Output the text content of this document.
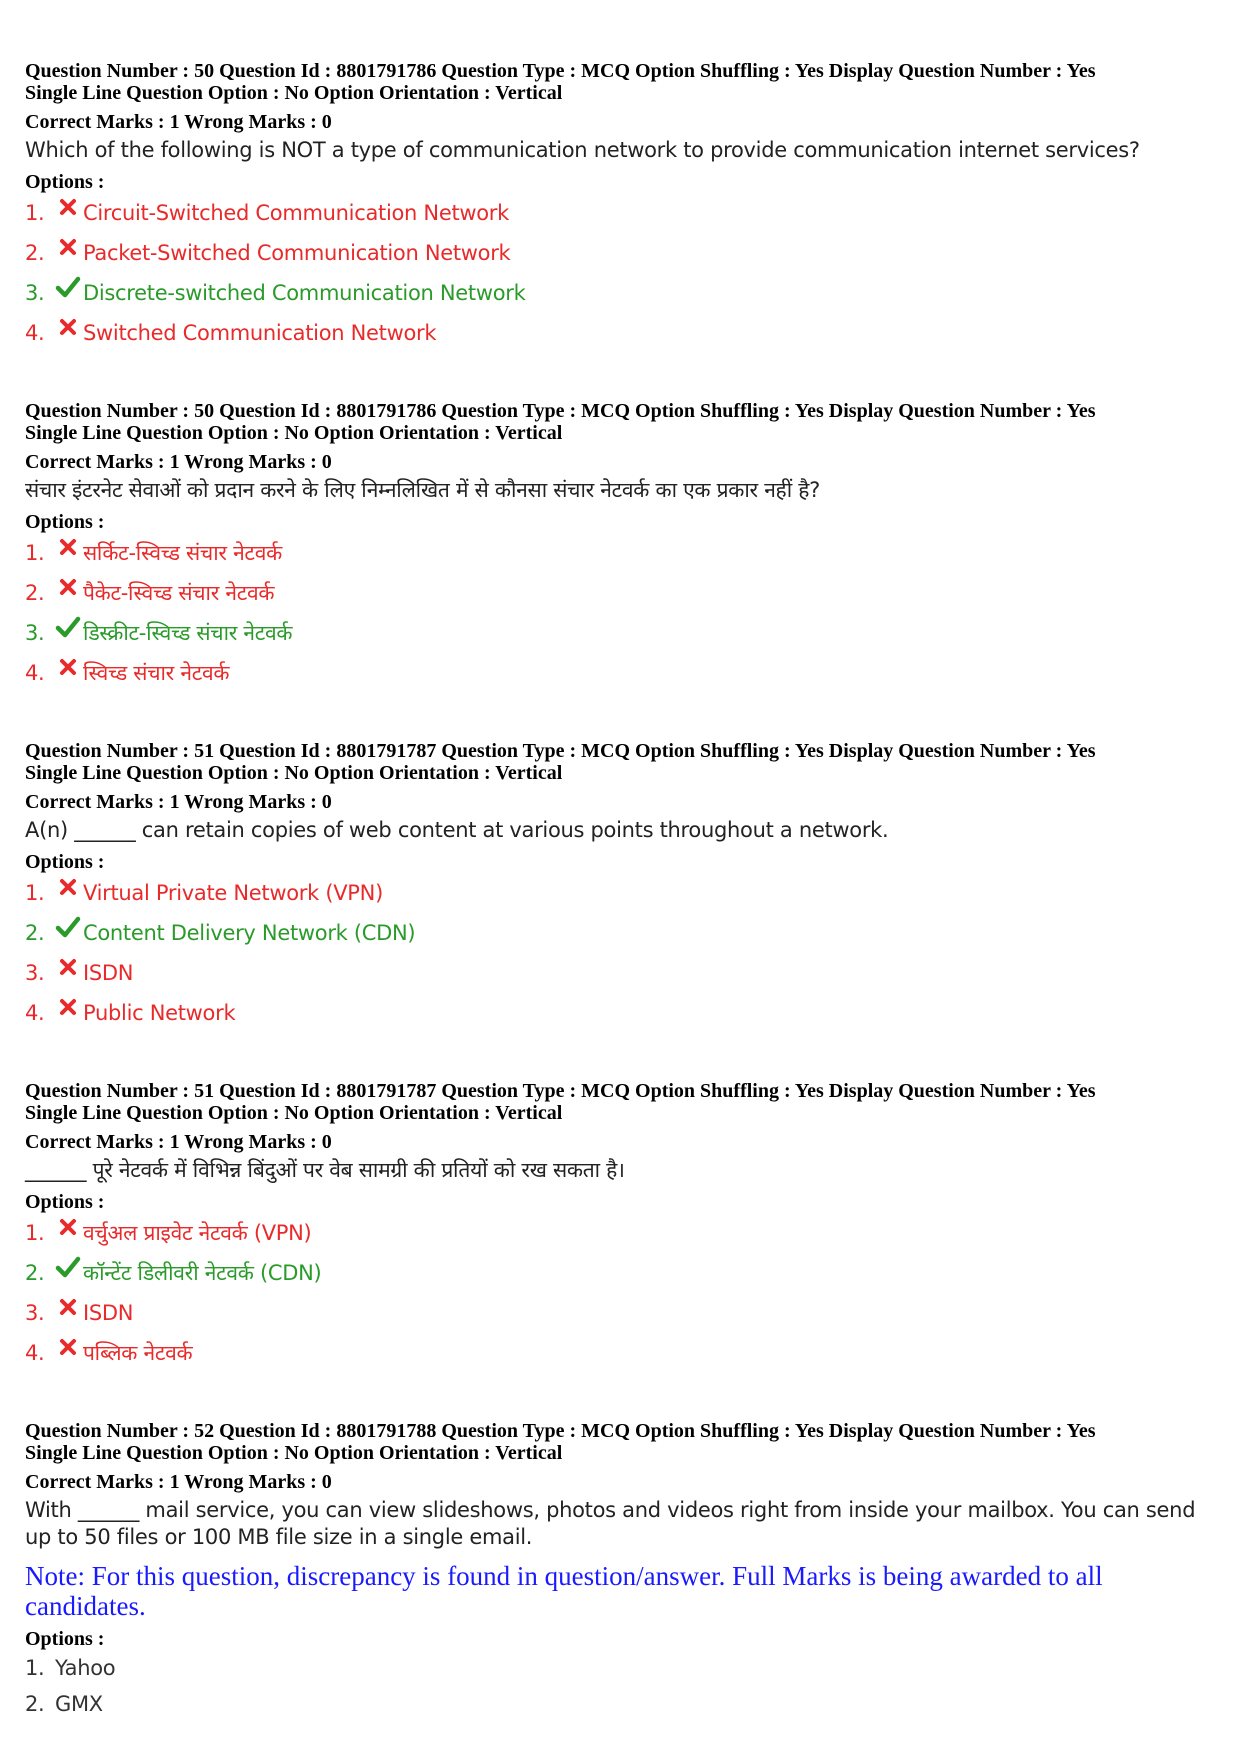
Question Number : 50 Question Id : 8801791786 Question Type : MCQ Option Shuffling : Yes Display Question Number : Yes
Single Line Question Option : No Option Orientation : Vertical
Correct Marks : 1 Wrong Marks : 0
Which of the following is NOT a type of communication network to provide communication internet services?
Options :
1.	Circuit-Switched Communication Network
2.	Packet-Switched Communication Network
3.	Discrete-switched Communication Network
4.	Switched Communication Network
Question Number : 50 Question Id : 8801791786 Question Type : MCQ Option Shuffling : Yes Display Question Number : Yes
Single Line Question Option : No Option Orientation : Vertical
Correct Marks : 1 Wrong Marks : 0
संचार इंटरनेट सेवाओं को प्रदान करने के लिए निम्नलिखित में से कौनसा संचार नेटवर्क का एक प्रकार नहीं है?
Options :
1.	सर्किट-स्विच्ड संचार नेटवर्क
2.	पैकेट-स्विच्ड संचार नेटवर्क
3.	डिस्क्रीट-स्विच्ड संचार नेटवर्क
4.	स्विच्ड संचार नेटवर्क
Question Number : 51 Question Id : 8801791787 Question Type : MCQ Option Shuffling : Yes Display Question Number : Yes
Single Line Question Option : No Option Orientation : Vertical
Correct Marks : 1 Wrong Marks : 0
A(n) ______ can retain copies of web content at various points throughout a network.
Options :
1.	Virtual Private Network (VPN)
2.	Content Delivery Network (CDN)
3.	ISDN
4.	Public Network
Question Number : 51 Question Id : 8801791787 Question Type : MCQ Option Shuffling : Yes Display Question Number : Yes
Single Line Question Option : No Option Orientation : Vertical
Correct Marks : 1 Wrong Marks : 0
______ पूरे नेटवर्क में विभिन्न बिंदुओं पर वेब सामग्री की प्रतियों को रख सकता है।
Options :
1.	वर्चुअल प्राइवेट नेटवर्क (VPN)
2.	कॉन्टेंट डिलीवरी नेटवर्क (CDN)
3.	ISDN
4.	पब्लिक नेटवर्क
Question Number : 52 Question Id : 8801791788 Question Type : MCQ Option Shuffling : Yes Display Question Number : Yes
Single Line Question Option : No Option Orientation : Vertical
Correct Marks : 1 Wrong Marks : 0
With ______ mail service, you can view slideshows, photos and videos right from inside your mailbox. You can send up to 50 files or 100 MB file size in a single email.
Note: For this question, discrepancy is found in question/answer. Full Marks is being awarded to all candidates.
Options :
1. Yahoo
2. GMX
